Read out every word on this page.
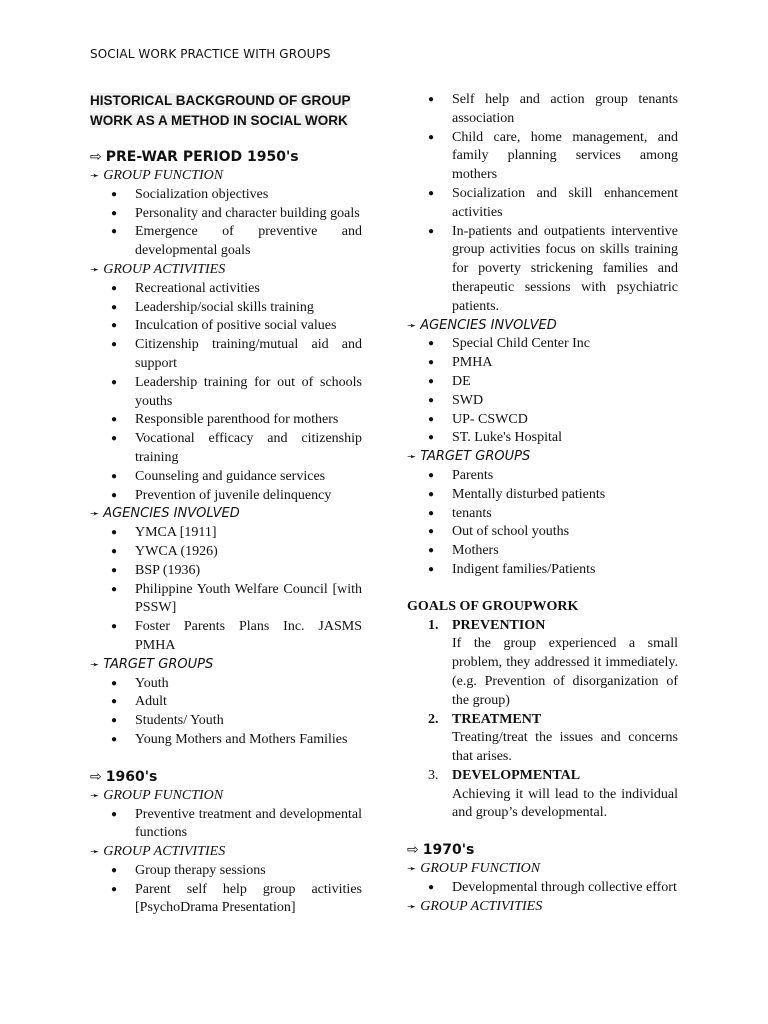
SOCIAL WORK PRACTICE WITH GROUPS
HISTORICAL BACKGROUND OF GROUP WORK AS A METHOD IN SOCIAL WORK
⇨ PRE-WAR PERIOD 1950's
➛ GROUP FUNCTION
● Socialization objectives
● Personality and character building goals
● Emergence of preventive and developmental goals
➛ GROUP ACTIVITIES
● Recreational activities
● Leadership/social skills training
● Inculcation of positive social values
● Citizenship training/mutual aid and support
● Leadership training for out of schools youths
● Responsible parenthood for mothers
● Vocational efficacy and citizenship training
● Counseling and guidance services
● Prevention of juvenile delinquency
➛ AGENCIES INVOLVED
● YMCA [1911]
● YWCA (1926)
● BSP (1936)
● Philippine Youth Welfare Council [with PSSW]
● Foster Parents Plans Inc. JASMS PMHA
➛ TARGET GROUPS
● Youth
● Adult
● Students/ Youth
● Young Mothers and Mothers Families
⇨ 1960's
➛ GROUP FUNCTION
● Preventive treatment and developmental functions
➛ GROUP ACTIVITIES
● Group therapy sessions
● Parent self help group activities [PsychoDrama Presentation]
● Self help and action group tenants association
● Child care, home management, and family planning services among mothers
● Socialization and skill enhancement activities
● In-patients and outpatients interventive group activities focus on skills training for poverty strickening families and therapeutic sessions with psychiatric patients.
➛ AGENCIES INVOLVED
● Special Child Center Inc
● PMHA
● DE
● SWD
● UP- CSWCD
● ST. Luke's Hospital
➛ TARGET GROUPS
● Parents
● Mentally disturbed patients
● tenants
● Out of school youths
● Mothers
● Indigent families/Patients
GOALS OF GROUPWORK
1. PREVENTION
If the group experienced a small problem, they addressed it immediately. (e.g. Prevention of disorganization of the group)
2. TREATMENT
Treating/treat the issues and concerns that arises.
3. DEVELOPMENTAL
Achieving it will lead to the individual and group’s developmental.
⇨ 1970's
➛ GROUP FUNCTION
● Developmental through collective effort
➛ GROUP ACTIVITIES
